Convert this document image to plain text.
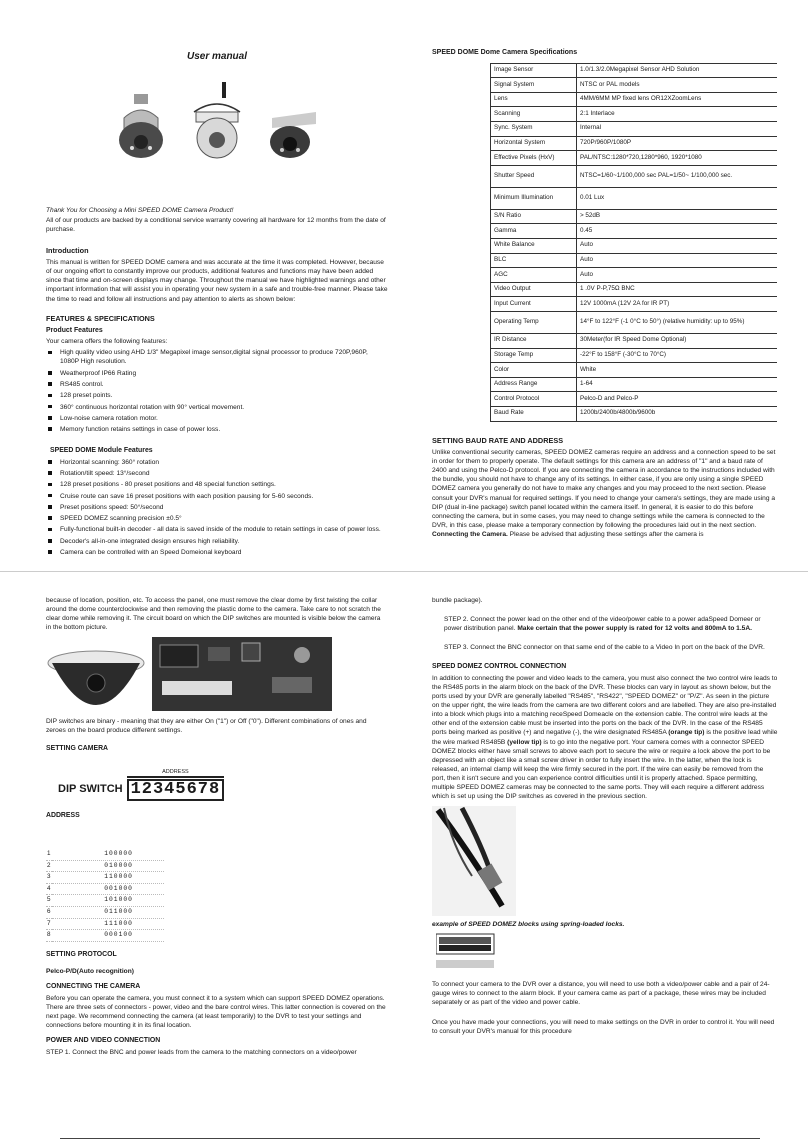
User manual

Thank You for Choosing a Mini SPEED DOME Camera Product!

All of our products are backed by a conditional service warranty covering all hardware for 12 months from the date of purchase.

Introduction

This manual is written for SPEED DOME camera and was accurate at the time it was completed. However, because of our ongoing effort to constantly improve our products, additional features and functions may have been added since that time and on-screen displays may change. Throughout the manual we have highlighted warnings and other important information that will assist you in operating your new system in a safe and trouble-free manner. Please take the time to read and follow all instructions and pay attention to alerts as shown below:

FEATURES & SPECIFICATIONS
Product Features
Your camera offers the following features:
High quality video using AHD 1/3" Megapixel image sensor,digital signal processor to produce 720P,960P, 1080P High resolution.
Weatherproof IP66 Rating
RS485 control.
128 preset points.
360° continuous horizontal rotation with 90° vertical movement.
Low-noise camera rotation motor.
Memory function retains settings in case of power loss.
SPEED DOME Module Features
Horizontal scanning: 360° rotation
Rotation/tilt speed: 13°/second
128 preset positions - 80 preset positions and 48 special function settings.
Cruise route can save 16 preset positions with each position pausing for 5-60 seconds.
Preset positions speed: 50°/second
SPEED DOMEZ scanning precision ±0.5°
Fully-functional built-in decoder - all data is saved inside of the module to retain settings in case of power loss.
Decoder's all-in-one integrated design ensures high reliability.
Camera can be controlled with an Speed Domeional keyboard
SPEED DOME Dome Camera Specifications
Image Sensor	1.0/1.3/2.0Megapixel Sensor AHD Solution
Signal System	NTSC or PAL models
Lens	4MM/6MM MP fixed lens OR12XZoomLens
Scanning	2:1 Interlace
Sync. System	Internal
Horizontal System	720P/960P/1080P
Effective Pixels (HxV)	PAL/NTSC:1280*720,1280*960, 1920*1080
Shutter Speed	NTSC=1/60~1/100,000 sec PAL=1/50~ 1/100,000 sec.
Minimum Illumination	0.01 Lux
S/N Ratio	> 52dB
Gamma	0.45
White Balance	Auto
BLC	Auto
AGC	Auto
Video Output	1 .0V P-P,75Ω BNC
Input Current	12V 1000mA (12V 2A for IR PT)
Operating Temp	14°F to 122°F (-1 0°C to 50°) (relative humidity: up to 95%)
IR Distance	30Meter(for IR Speed Dome Optional)
Storage Temp	-22°F to 158°F (-30°C to 70°C)
Color	White
Address Range	1-64
Control Protocol	Pelco-D and Pelco-P
Baud Rate	1200b/2400b/4800b/9600b
SETTING BAUD RATE AND ADDRESS

Unlike conventional security cameras, SPEED DOMEZ cameras require an address and a connection speed to be set in order for them to properly operate. The default settings for this camera are an address of "1" and a baud rate of 2400 and using the Pelco-D protocol. If you are connecting the camera in accordance to the instructions included with the bundle, you should not have to change any of its settings. In either case, if you are only using a single SPEED DOMEZ camera you generally do not have to make any changes and you may proceed to the next section. Please

consult your DVR's manual for required settings. If you need to change your camera's settings, they are made using a DIP (dual in-line package) switch panel located within the camera itself. In general, it is easier to do this before connecting the camera, but in some cases, you may need to change settings while the camera is connected to the DVR, in this case, please make a temporary connection by following the procedures laid out in the next section. Connecting the Camera. Please be advised that adjusting these settings after the camera is

because of location, position, etc. To access the panel, one must remove the clear dome by first twisting the collar around the dome counterclockwise and then removing the plastic dome to the camera. Take care to not scratch the clear dome while removing it. The circuit board on which the DIP switches are mounted is visible below the camera in the bottom picture.

DIP switches are binary - meaning that they are either On ("1") or Off ("0"). Different combinations of ones and zeroes on the board produce different settings.

SETTING CAMERA
DIP SWITCH
ADDRESS
12345678
ADDRESS
1	100000
2	010000
3	110000
4	001000
5	101000
6	011000
7	111000
8	000100
SETTING PROTOCOL

Pelco-P/D(Auto recognition)

CONNECTING THE CAMERA

Before you can operate the camera, you must connect it to a system which can support SPEED DOMEZ operations. There are three sets of connectors - power, video and the bare control wires. This latter connection is covered on the next page. We recommend connecting the camera (at least temporarily) to the DVR to test your settings and connections before mounting it in its final location.

POWER AND VIDEO CONNECTION

STEP 1. Connect the BNC and power leads from the camera to the matching connectors on a video/power

bundle package).

STEP 2. Connect the power lead on the other end of the video/power cable to a power adaSpeed Domeer or power distribution panel. Make certain that the power supply is rated for 12 volts and 800mA to 1.5A.

STEP 3. Connect the BNC connector on that same end of the cable to a Video In port on the back of the DVR.

SPEED DOMEZ CONTROL CONNECTION

In addition to connecting the power and video leads to the camera, you must also connect the two control wire leads to the RS485 ports in the alarm block on the back of the DVR. These blocks can vary in layout as shown below, but the ports used by your DVR are generally labelled "RS485", "RS422", "SPEED DOMEZ" or "P/Z". As seen in the picture on the upper right, the wire leads from the camera are two different colors and are labelled. They are also pre-installed into a block which plugs into a matching receSpeed Domeacle on the extension cable. The control wire leads at the other end of the extension cable must be inserted into the ports on the back of the DVR. In the case of the RS485 ports being marked as positive (+) and negative (-), the wire designated RS485A (orange tip) is the positive lead while the wire marked RS485B (yellow tip) is to go into the negative port. Your camera comes with a connector SPEED DOMEZ blocks either have small screws to above each port to secure the wire or require a lock above the port to be depressed with an object like a small screw driver in order to fully insert the wire. In the latter, when the lock is released, an internal clamp will keep the wire firmly secured in the port. If the wire can easily be removed from the port, then it isn't secure and you can experience control difficulties until it is properly attached. Space permitting, multiple SPEED DOMEZ cameras may be connected to the same ports. They will each require a different address which is set up using the DIP switches as covered in the previous section.

example of SPEED DOMEZ blocks using spring-loaded locks.

To connect your camera to the DVR over a distance, you will need to use both a video/power cable and a pair of 24-gauge wires to connect to the alarm block. If your camera came as part of a package, these wires may be included separately or as part of the video and power cable.

Once you have made your connections, you will need to make settings on the DVR in order to control it. You will need to consult your DVR's manual for this procedure
